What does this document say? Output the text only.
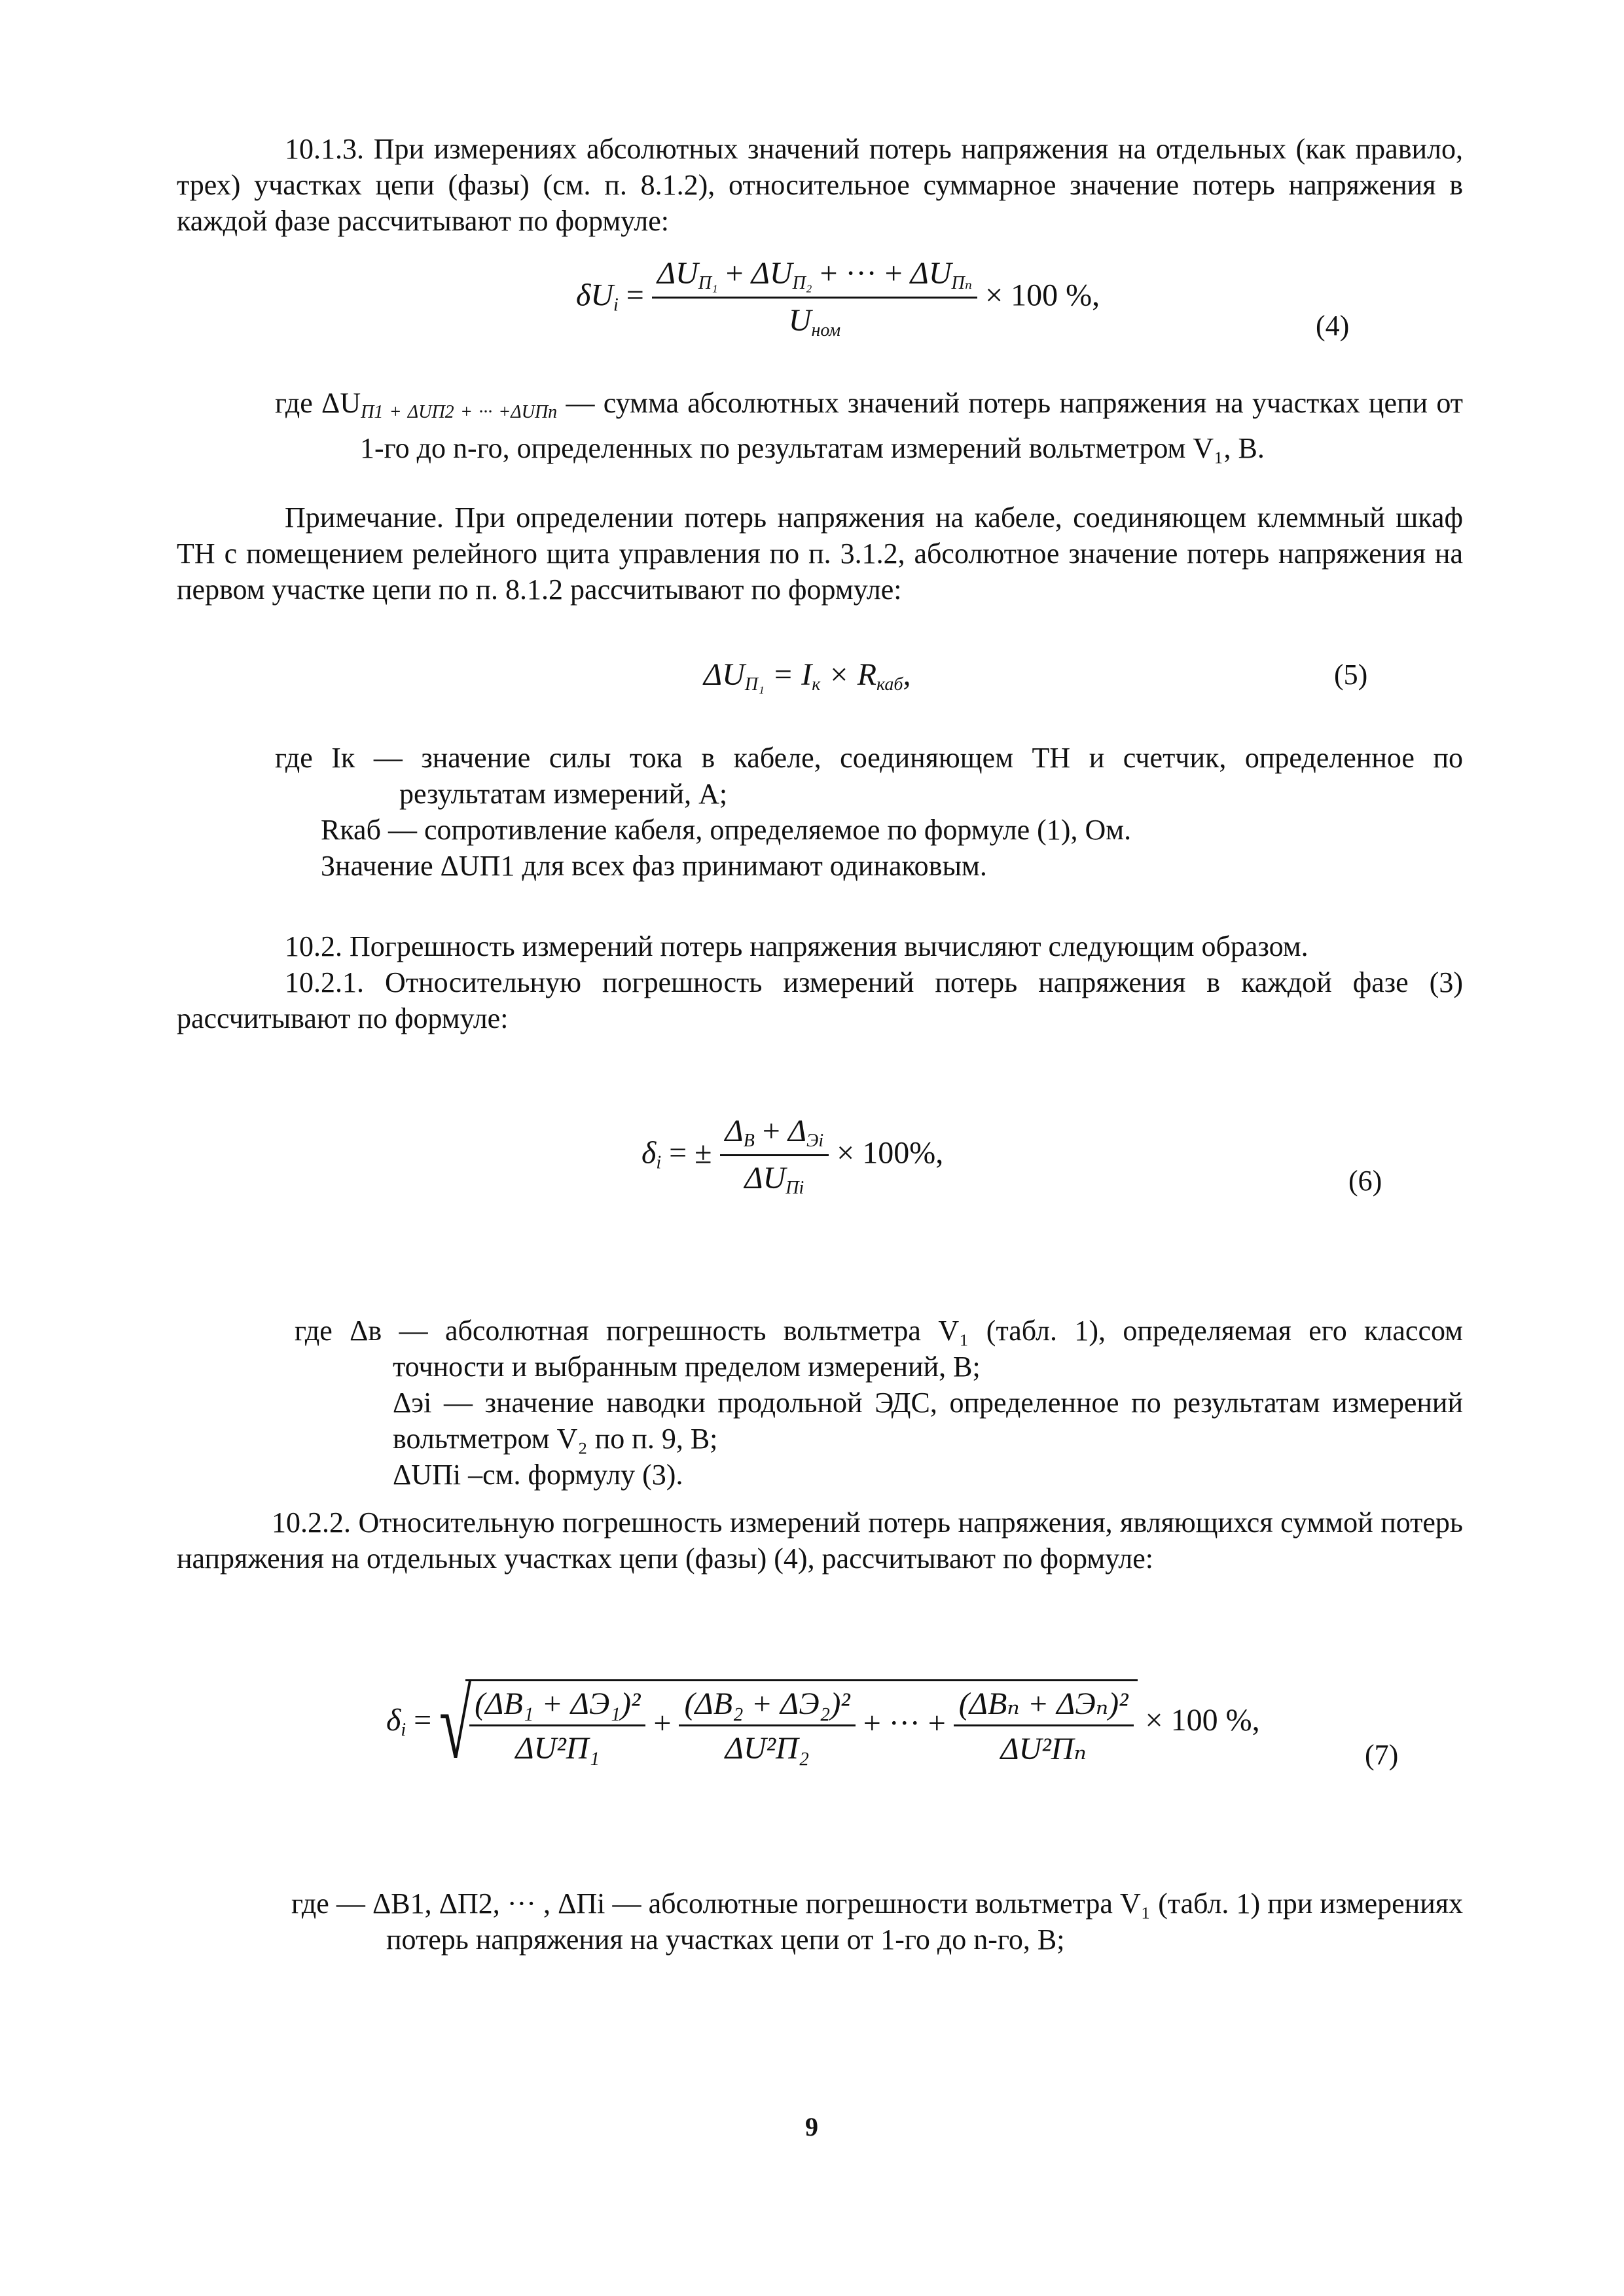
10.1.3. При измерениях абсолютных значений потерь напряжения на отдельных (как правило, трех) участках цепи (фазы) (см. п. 8.1.2), относительное суммарное значение потерь напряжения в каждой фазе рассчитывают по формуле:

$\delta U_i = \frac{\Delta U_{П_1} + \Delta U_{П_2} + \cdot\cdot\cdot + \Delta U_{П_n}}{U_{ном}} \times 100$ %,
(4)

где $\Delta U_{П1 + \Delta UП2 + \cdot\cdot\cdot +\Delta UПn}$ — сумма абсолютных значений потерь напряжения на участках цепи от 1-го до n-го, определенных по результатам измерений вольтметром V₁, В.

Примечание. При определении потерь напряжения на кабеле, соединяющем клеммный шкаф ТН с помещением релейного щита управления по п. 3.1.2, абсолютное значение потерь напряжения на первом участке цепи по п. 8.1.2 рассчитывают по формуле:

$\Delta U_{П_1} = I_к \times R_{каб}$,	(5)

где Iк — значение силы тока в кабеле, соединяющем ТН и счетчик, определенное по результатам измерений, А;

Rкаб — сопротивление кабеля, определяемое по формуле (1), Ом.

Значение ΔUП1 для всех фаз принимают одинаковым.

10.2. Погрешность измерений потерь напряжения вычисляют следующим образом.

10.2.1. Относительную погрешность измерений потерь напряжения в каждой фазе (3) рассчитывают по формуле:

$\delta_i$ = ± $\frac{\Delta_В + \Delta_{Эi}}{\Delta U_{Пi}} \times 100\%$,
(6)

где Δв — абсолютная погрешность вольтметра V₁ (табл. 1), определяемая его классом точности и выбранным пределом измерений, В;

Δэi — значение наводки продольной ЭДС, определенное по результатам измерений вольтметром V₂ по п. 9, В;

ΔUПi –см. формулу (3).

10.2.2. Относительную погрешность измерений потерь напряжения, являющихся суммой потерь напряжения на отдельных участках цепи (фазы) (4), рассчитывают по формуле:

$\delta_i$ = √
$\frac{\text{(ΔB₁ + ΔЭ₁)²}}{\text{ΔU²П₁}} + \frac{\text{(ΔB₂ + ΔЭ₂)²}}{\text{ΔU²П₂}}$ + ··· + $\frac{\text{(ΔBₙ + ΔЭₙ)²}}{\text{ΔU²Пₙ}} \times 100$ %,
(7)

где — ΔB1, ΔП2, ··· , ΔПi — абсолютные погрешности вольтметра V₁ (табл. 1) при измерениях потерь напряжения на участках цепи от 1-го до n-го, В;

9
